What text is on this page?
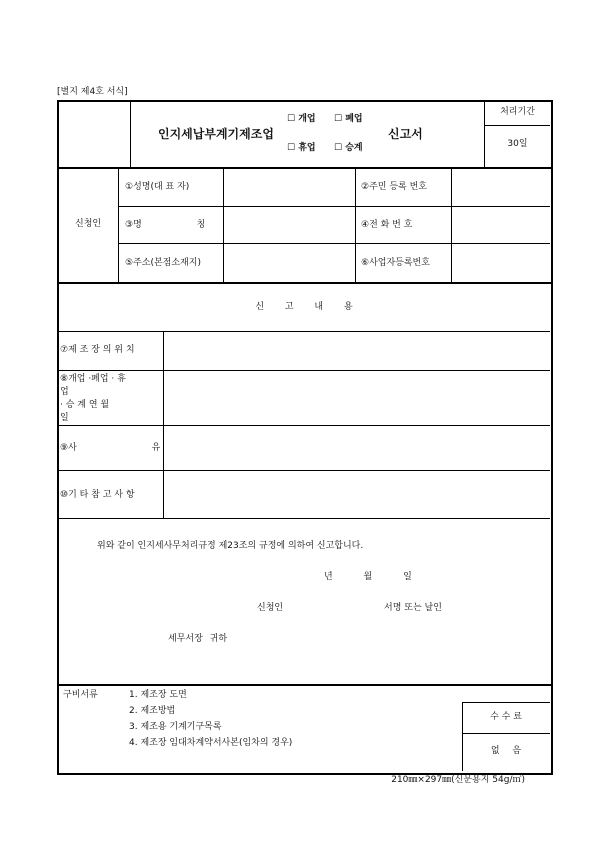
[별지 제4호 서식]
인지세납부계기제조업
☐ 개업 ☐ 폐업
☐ 휴업 ☐ 승계
신고서
처리기간
30일
신청인
①성명(대 표 자)	②주민 등록 번호
③명 칭	④전 화 번 호
⑤주소(본점소재지)	⑥사업자등록번호
신 고 내 용
⑦제 조 장 의 위 치
⑧개업 ·폐업 · 휴
업
· 승 계 연 월
일
⑨사 유
⑩기 타 참 고 사 항
위와 같이 인지세사무처리규정 제23조의 규정에 의하여 신고합니다.
년 월 일
신청인	서명 또는 날인
세무서장 귀하
구비서류	1. 제조장 도면
2. 제조방법
3. 제조용 기계기구목록
4. 제조장 임대차계약서사본(임차의 경우)
수 수 료
없 음
210㎜×297㎜(신문용지 54g/㎡)
